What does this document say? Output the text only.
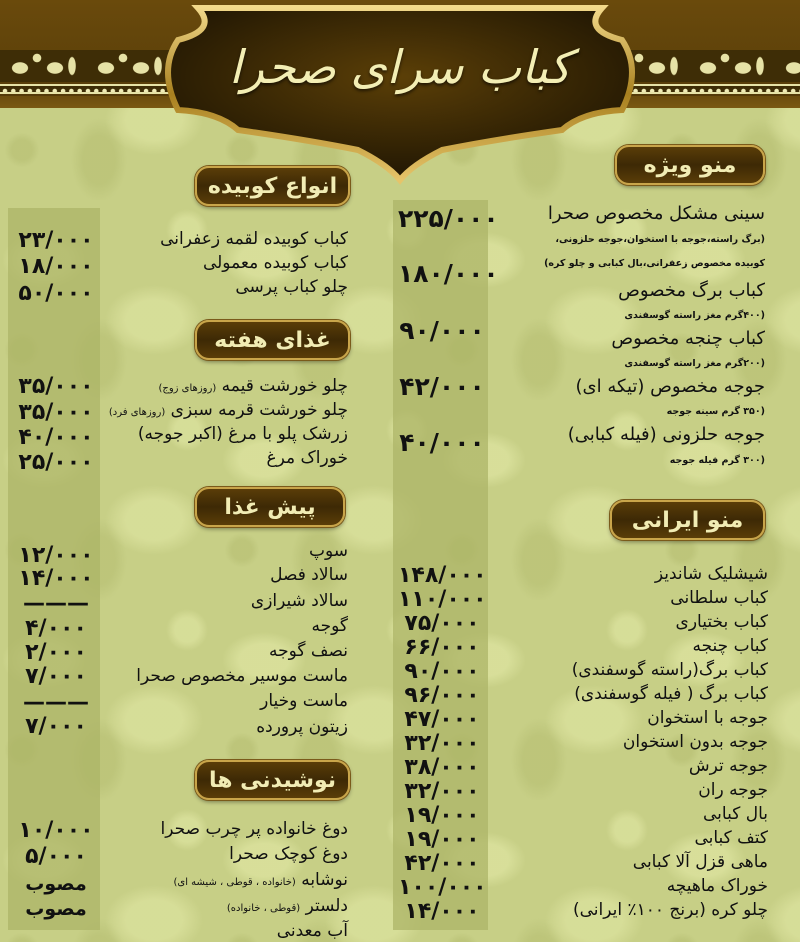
کباب سرای صحرا
منو ویژه
سینی مشکل مخصوص صحرا
(برگ راسته،جوجه با استخوان،جوجه حلزونی،
کوبیده مخصوص زعفرانی،بال کبابی و چلو کره)
۲۲۵/۰۰۰
کباب برگ مخصوص
(۴۰۰گرم مغز راسته گوسفندی
۱۸۰/۰۰۰
کباب چنجه مخصوص
(۲۰۰گرم مغز راسته گوسفندی
۹۰/۰۰۰
جوجه مخصوص (تیکه ای)
(۳۵۰ گرم سینه جوجه
۴۲/۰۰۰
جوجه حلزونی (فیله کبابی)
(۳۰۰ گرم فیله جوجه
۴۰/۰۰۰
منو ایرانی
شیشلیک شاندیز
۱۴۸/۰۰۰
کباب سلطانی
۱۱۰/۰۰۰
کباب بختیاری
۷۵/۰۰۰
کباب چنجه
۶۶/۰۰۰
کباب برگ(راسته گوسفندی)
۹۰/۰۰۰
کباب برگ ( فیله گوسفندی)
۹۶/۰۰۰
جوجه با استخوان
۴۷/۰۰۰
جوجه بدون استخوان
۳۲/۰۰۰
جوجه ترش
۳۸/۰۰۰
جوجه ران
۳۲/۰۰۰
بال کبابی
۱۹/۰۰۰
کتف کبابی
۱۹/۰۰۰
ماهی قزل آلا کبابی
۴۲/۰۰۰
خوراک ماهیچه
۱۰۰/۰۰۰
چلو کره (برنج ۱۰۰٪ ایرانی)
۱۴/۰۰۰
انواع کوبیده
کباب کوبیده لقمه زعفرانی
۲۳/۰۰۰
کباب کوبیده معمولی
۱۸/۰۰۰
چلو کباب پرسی
۵۰/۰۰۰
غذای هفته
چلو خورشت قیمه (روزهای زوج)
۳۵/۰۰۰
چلو خورشت قرمه سبزی (روزهای فرد)
۳۵/۰۰۰
زرشک پلو با مرغ (اکبر جوجه)
۴۰/۰۰۰
خوراک مرغ
۲۵/۰۰۰
پیش غذا
سوپ
۱۲/۰۰۰
سالاد فصل
۱۴/۰۰۰
سالاد شیرازی
———
گوجه
۴/۰۰۰
نصف گوجه
۲/۰۰۰
ماست موسیر مخصوص صحرا
۷/۰۰۰
ماست وخیار
———
زیتون پرورده
۷/۰۰۰
نوشیدنی ها
دوغ خانواده پر چرب صحرا
۱۰/۰۰۰
دوغ کوچک صحرا
۵/۰۰۰
نوشابه (خانواده ، قوطی ، شیشه ای)
مصوب
دلستر (قوطی ، خانواده)
مصوب
آب معدنی
